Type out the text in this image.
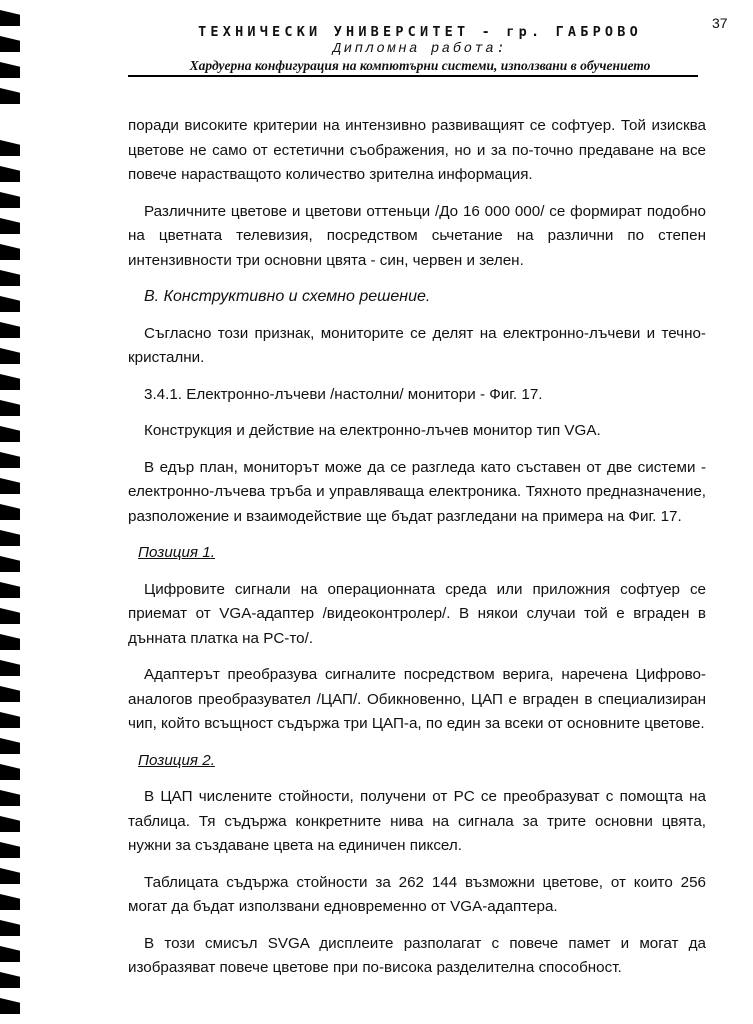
ТЕХНИЧЕСКИ УНИВЕРСИТЕТ - гр. ГАБРОВО
Дипломна работа:
Хардуерна конфигурация на компютърни системи, използвани в обучението
37

поради високите критерии на интензивно развиващият се софтуер. Той изисква цветове не само от естетични съображения, но и за по-точно предаване на все повече нарастващото количество зрителна информация.

Различните цветове и цветови оттеньци /До 16 000 000/ се формират подобно на цветната телевизия, посредством сьчетание на различни по степен интензивности три основни цвята - син, червен и зелен.

В. Конструктивно и схемно решение.

Съгласно този признак, мониторите се делят на електронно-лъчеви и течно-кристални.

3.4.1. Електронно-лъчеви /настолни/ монитори - Фиг. 17.

Конструкция и действие на електронно-лъчев монитор тип VGA.

В едър план, мониторът може да се разгледа като съставен от две системи - електронно-лъчева тръба и управляваща електроника. Тяхното предназначение, разположение и взаимодействие ще бъдат разгледани на примера на Фиг. 17.

Позиция 1.

Цифровите сигнали на операционната среда или приложния софтуер се приемат от VGA-адаптер /видеоконтролер/. В някои случаи той е вграден в дънната платка на PC-то/.

Адаптерът преобразува сигналите посредством верига, наречена Цифрово-аналогов преобразувател /ЦАП/. Обикновенно, ЦАП е вграден в специализиран чип, който всъщност съдържа три ЦАП-а, по един за всеки от основните цветове.

Позиция 2.

В ЦАП числените стойности, получени от PC се преобразуват с помощта на таблица. Тя съдържа конкретните нива на сигнала за трите основни цвята, нужни за създаване цвета на единичен пиксел.

Таблицата съдържа стойности за 262 144 възможни цветове, от които 256 могат да бъдат използвани едновременно от VGA-адаптера.

В този смисъл SVGA дисплеите разполагат с повече памет и могат да изобразяват повече цветове при по-висока разделителна способност.
